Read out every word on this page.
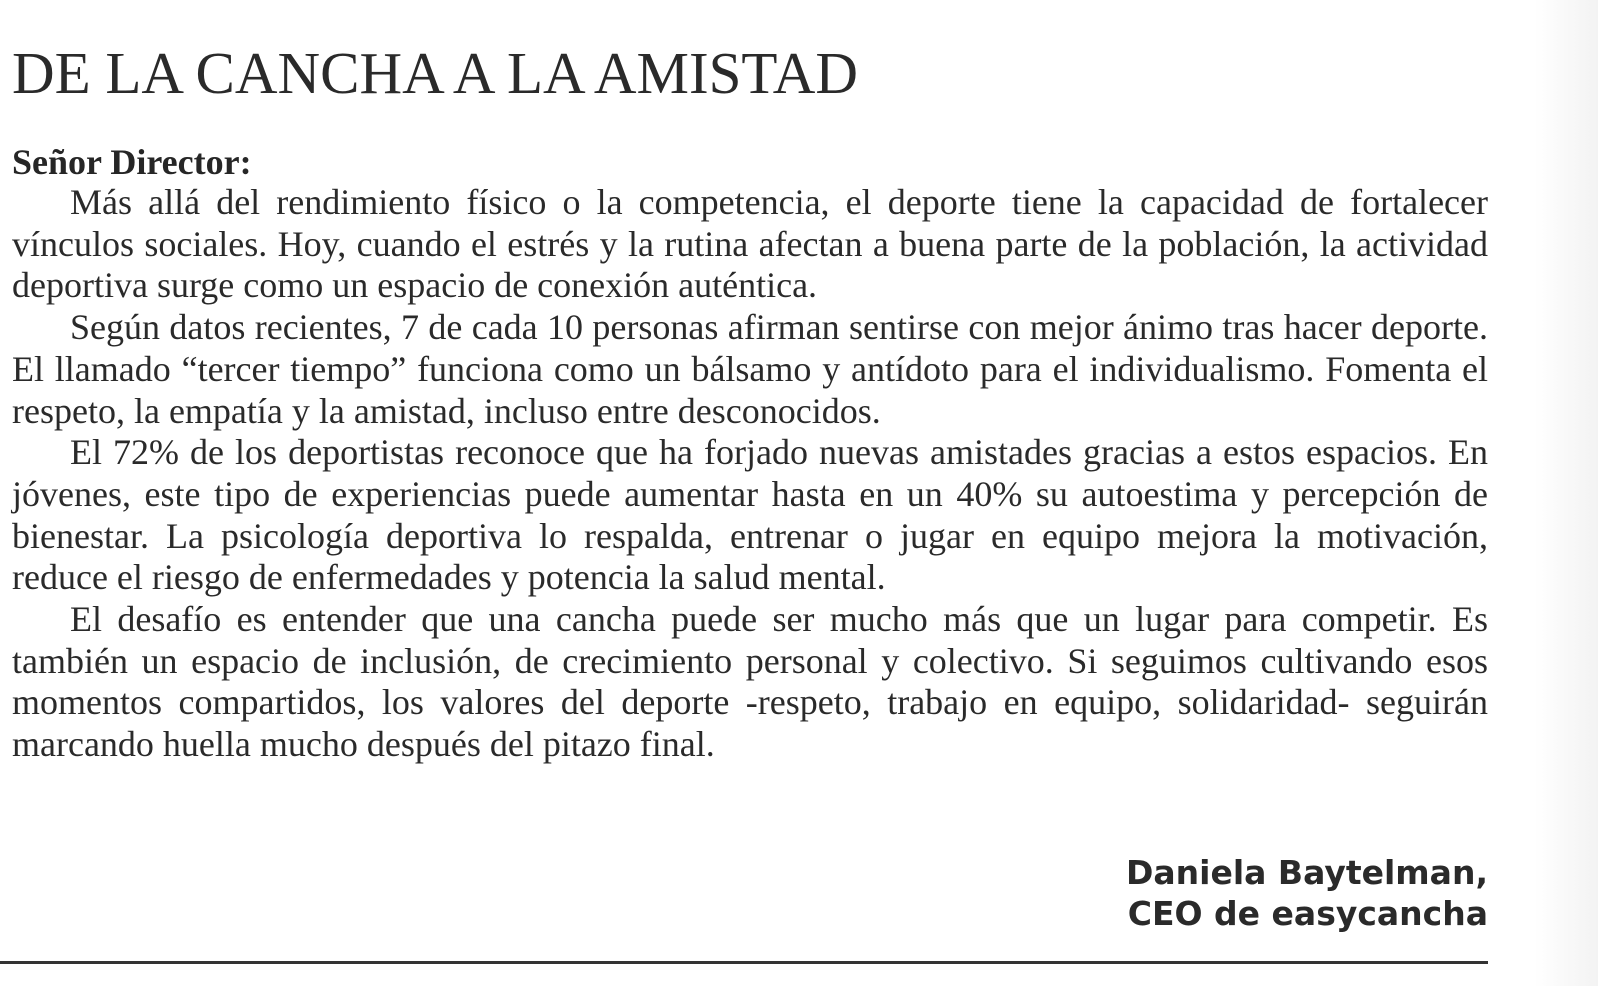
DE LA CANCHA A LA AMISTAD

Señor Director:

Más allá del rendimiento físico o la competencia, el deporte tiene la capacidad de fortalecer vínculos sociales. Hoy, cuando el estrés y la rutina afectan a buena parte de la población, la actividad deportiva surge como un espacio de conexión auténtica.

Según datos recientes, 7 de cada 10 personas afirman sentirse con mejor ánimo tras hacer deporte. El llamado “tercer tiempo” funciona como un bálsamo y antídoto para el individualismo. Fomenta el respeto, la empatía y la amistad, incluso entre desconocidos.

El 72% de los deportistas reconoce que ha forjado nuevas amistades gracias a estos espacios. En jóvenes, este tipo de experiencias puede aumentar hasta en un 40% su autoestima y percepción de bienestar. La psicología deportiva lo respalda, entrenar o jugar en equipo mejora la motivación, reduce el riesgo de enfermedades y potencia la salud mental.

El desafío es entender que una cancha puede ser mucho más que un lugar para competir. Es también un espacio de inclusión, de crecimiento personal y colectivo. Si seguimos cultivando esos momentos compartidos, los valores del deporte -respeto, trabajo en equipo, solidaridad- seguirán marcando huella mucho después del pitazo final.

Daniela Baytelman,
CEO de easycancha
